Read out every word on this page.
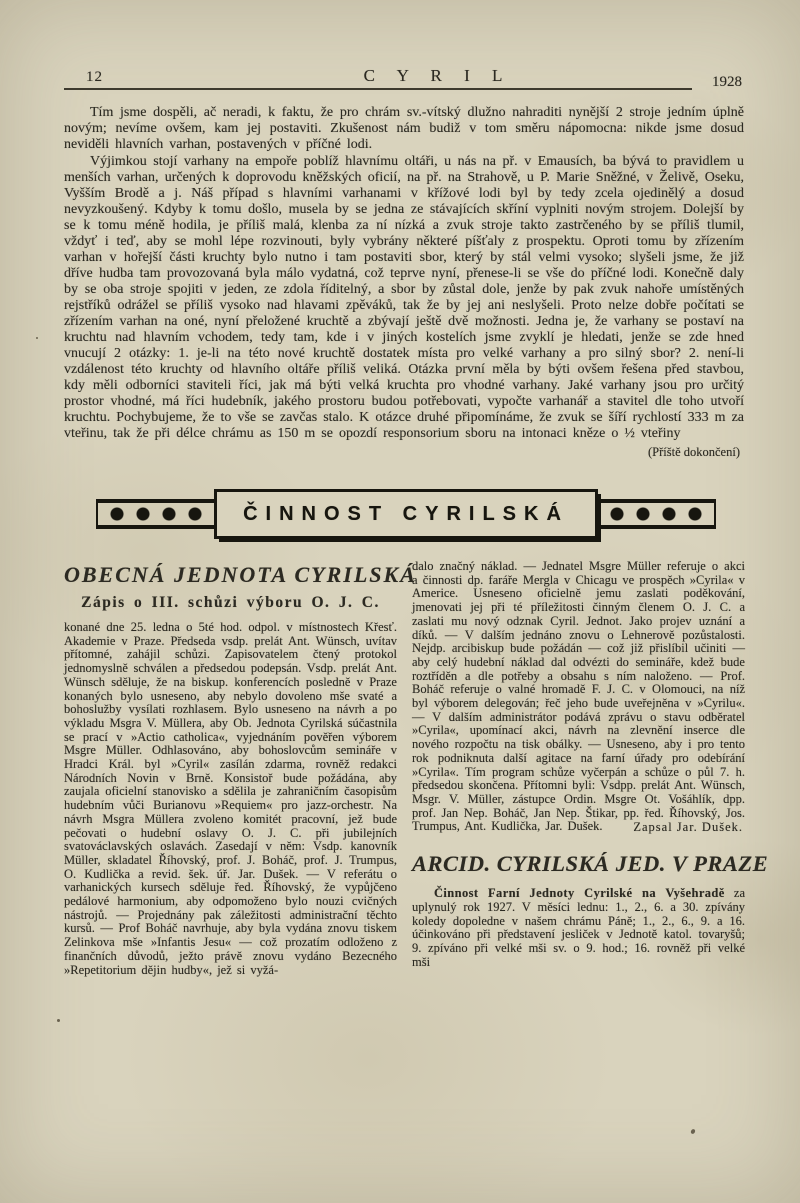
12	C Y R I L	1928

Tím jsme dospěli, ač neradi, k faktu, že pro chrám sv.-vítský dlužno nahraditi nynější 2 stroje jedním úplně novým; nevíme ovšem, kam jej postaviti. Zkušenost nám budiž v tom směru nápomocna: nikde jsme dosud neviděli hlavních varhan, postavených v příčné lodi.

Výjimkou stojí varhany na empoře poblíž hlavnímu oltáři, u nás na př. v Emausích, ba bývá to pravidlem u menších varhan, určených k doprovodu kněžských oficií, na př. na Strahově, u P. Marie Sněžné, v Želivě, Oseku, Vyšším Brodě a j. Náš případ s hlavními varhanami v křížové lodi byl by tedy zcela ojedinělý a dosud nevyzkoušený. Kdyby k tomu došlo, musela by se jedna ze stávajících skříní vyplniti novým strojem. Dolejší by se k tomu méně hodila, je příliš malá, klenba za ní nízká a zvuk stroje takto zastrčeného by se příliš tlumil, vždyť i teď, aby se mohl lépe rozvinouti, byly vybrány některé píšťaly z prospektu. Oproti tomu by zřízením varhan v hořejší části kruchty bylo nutno i tam postaviti sbor, který by stál velmi vysoko; slyšeli jsme, že již dříve hudba tam provozovaná byla málo vydatná, což teprve nyní, přenese-li se vše do příčné lodi. Konečně daly by se oba stroje spojiti v jeden, ze zdola říditelný, a sbor by zůstal dole, jenže by pak zvuk nahoře umístěných rejstříků odrážel se příliš vysoko nad hlavami zpěváků, tak že by jej ani neslyšeli. Proto nelze dobře počítati se zřízením varhan na oné, nyní přeložené kruchtě a zbývají ještě dvě možnosti. Jedna je, že varhany se postaví na kruchtu nad hlavním vchodem, tedy tam, kde i v jiných kostelích jsme zvyklí je hledati, jenže se zde hned vnucují 2 otázky: 1. je-li na této nové kruchtě dostatek místa pro velké varhany a pro silný sbor? 2. není-li vzdálenost této kruchty od hlavního oltáře příliš veliká. Otázka první měla by býti ovšem řešena před stavbou, kdy měli odborníci staviteli říci, jak má býti velká kruchta pro vhodné varhany. Jaké varhany jsou pro určitý prostor vhodné, má říci hudebník, jakého prostoru budou potřebovati, vypočte varhanář a stavitel dle toho utvoří kruchtu. Pochybujeme, že to vše se zavčas stalo. K otázce druhé připomínáme, že zvuk se šíří rychlostí 333 m za vteřinu, tak že při délce chrámu as 150 m se opozdí responsorium sboru na intonaci kněze o ½ vteřiny

(Příště dokončení)
ČINNOST CYRILSKÁ
OBECNÁ JEDNOTA CYRILSKÁ
Zápis o III. schůzi výboru O. J. C.

konané dne 25. ledna o 5té hod. odpol. v místnostech Křesť. Akademie v Praze. Předseda vsdp. prelát Ant. Wünsch, uvítav přítomné, zahájil schůzi. Zapisovatelem čtený protokol jednomyslně schválen a předsedou podepsán. Vsdp. prelát Ant. Wünsch sděluje, že na biskup. konferencích posledně v Praze konaných bylo usneseno, aby nebylo dovoleno mše svaté a bohoslužby vysílati rozhlasem. Bylo usneseno na návrh a po výkladu Msgra V. Müllera, aby Ob. Jednota Cyrilská súčastnila se prací v »Actio catholica«, vyjednáním pověřen výborem Msgre Müller. Odhlasováno, aby bohoslovcům semináře v Hradci Král. byl »Cyril« zasílán zdarma, rovněž redakci Národních Novin v Brně. Konsistoř bude požádána, aby zaujala oficielní stanovisko a sdělila je zahraničním časopisům hudebním vůči Burianovu »Requiem« pro jazz-orchestr. Na návrh Msgra Müllera zvoleno komitét pracovní, jež bude pečovati o hudební oslavy O. J. C. při jubilejních svatováclavských oslavách. Zasedají v něm: Vsdp. kanovník Müller, skladatel Říhovský, prof. J. Boháč, prof. J. Trumpus, O. Kudlička a revid. šek. úř. Jar. Dušek. — V referátu o varhanických kursech sděluje řed. Říhovský, že vypůjčeno pedálové harmonium, aby odpomoženo bylo nouzi cvičných nástrojů. — Projednány pak záležitosti administrační těchto kursů. — Prof Boháč navrhuje, aby byla vydána znovu tiskem Zelinkova mše »Infantis Jesu« — což prozatím odloženo z finančních důvodů, ježto právě znovu vydáno Bezecného »Repetitorium dějin hudby«, jež si vyžá-

dalo značný náklad. — Jednatel Msgre Müller referuje o akci a činnosti dp. faráře Mergla v Chicagu ve prospěch »Cyrila« v Americe. Usneseno oficielně jemu zaslati poděkování, jmenovati jej při té příležitosti činným členem O. J. C. a zaslati mu nový odznak Cyril. Jednot. Jako projev uznání a díků. — V dalším jednáno znovu o Lehnerově pozůstalosti. Nejdp. arcibiskup bude požádán — což již přislíbil učiniti — aby celý hudební náklad dal odvézti do semináře, kdež bude roztříděn a dle potřeby a obsahu s ním naloženo. — Prof. Boháč referuje o valné hromadě F. J. C. v Olomouci, na níž byl výborem delegován; řeč jeho bude uveřejněna v »Cyrilu«. — V dalším administrátor podává zprávu o stavu odběratel »Cyrila«, upomínací akci, návrh na zlevnění inserce dle nového rozpočtu na tisk obálky. — Usneseno, aby i pro tento rok podniknuta další agitace na farní úřady pro odebírání »Cyrila«. Tím program schůze vyčerpán a schůze o půl 7. h. předsedou skončena. Přítomni byli: Vsdpp. prelát Ant. Wünsch, Msgr. V. Müller, zástupce Ordin. Msgre Ot. Vošáhlík, dpp. prof. Jan Nep. Boháč, Jan Nep. Štikar, pp. řed. Říhovský, Jos. Trumpus, Ant. Kudlička, Jar. Dušek.	Zapsal Jar. Dušek.
ARCID. CYRILSKÁ JED. V PRAZE

Činnost Farní Jednoty Cyrilské na Vyšehradě za uplynulý rok 1927. V měsíci lednu: 1., 2., 6. a 30. zpívány koledy dopoledne v našem chrámu Páně; 1., 2., 6., 9. a 16. účinkováno při představení jesliček v Jednotě katol. tovaryšů; 9. zpíváno při velké mši sv. o 9. hod.; 16. rovněž při velké mši
